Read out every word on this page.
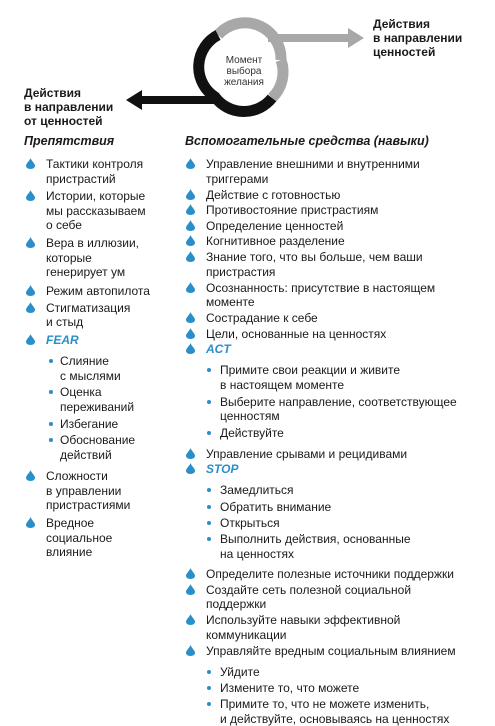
Действия
в направлении
ценностей
Действия
в направлении
от ценностей
Момент
выбора
желания
Препятствия	Вспомогательные средства (навыки)
Тактики контроля
пристрастий
Истории, которые
мы рассказываем
о себе
Вера в иллюзии,
которые
генерирует ум
Режим автопилота
Стигматизация
и стыд
FEAR
Слияние
с мыслями
Оценка
переживаний
Избегание
Обоснование
действий
Сложности
в управлении
пристрастиями
Вредное
социальное
влияние
Управление внешними и внутренними
триггерами
Действие с готовностью
Противостояние пристрастиям
Определение ценностей
Когнитивное разделение
Знание того, что вы больше, чем ваши
пристрастия
Осознанность: присутствие в настоящем
моменте
Сострадание к себе
Цели, основанные на ценностях
ACT
Примите свои реакции и живите
в настоящем моменте
Выберите направление, соответствующее
ценностям
Действуйте
Управление срывами и рецидивами
STOP
Замедлиться
Обратить внимание
Открыться
Выполнить действия, основанные
на ценностях
Определите полезные источники поддержки
Создайте сеть полезной социальной
поддержки
Используйте навыки эффективной
коммуникации
Управляйте вредным социальным влиянием
Уйдите
Измените то, что можете
Примите то, что не можете изменить,
и действуйте, основываясь на ценностях
